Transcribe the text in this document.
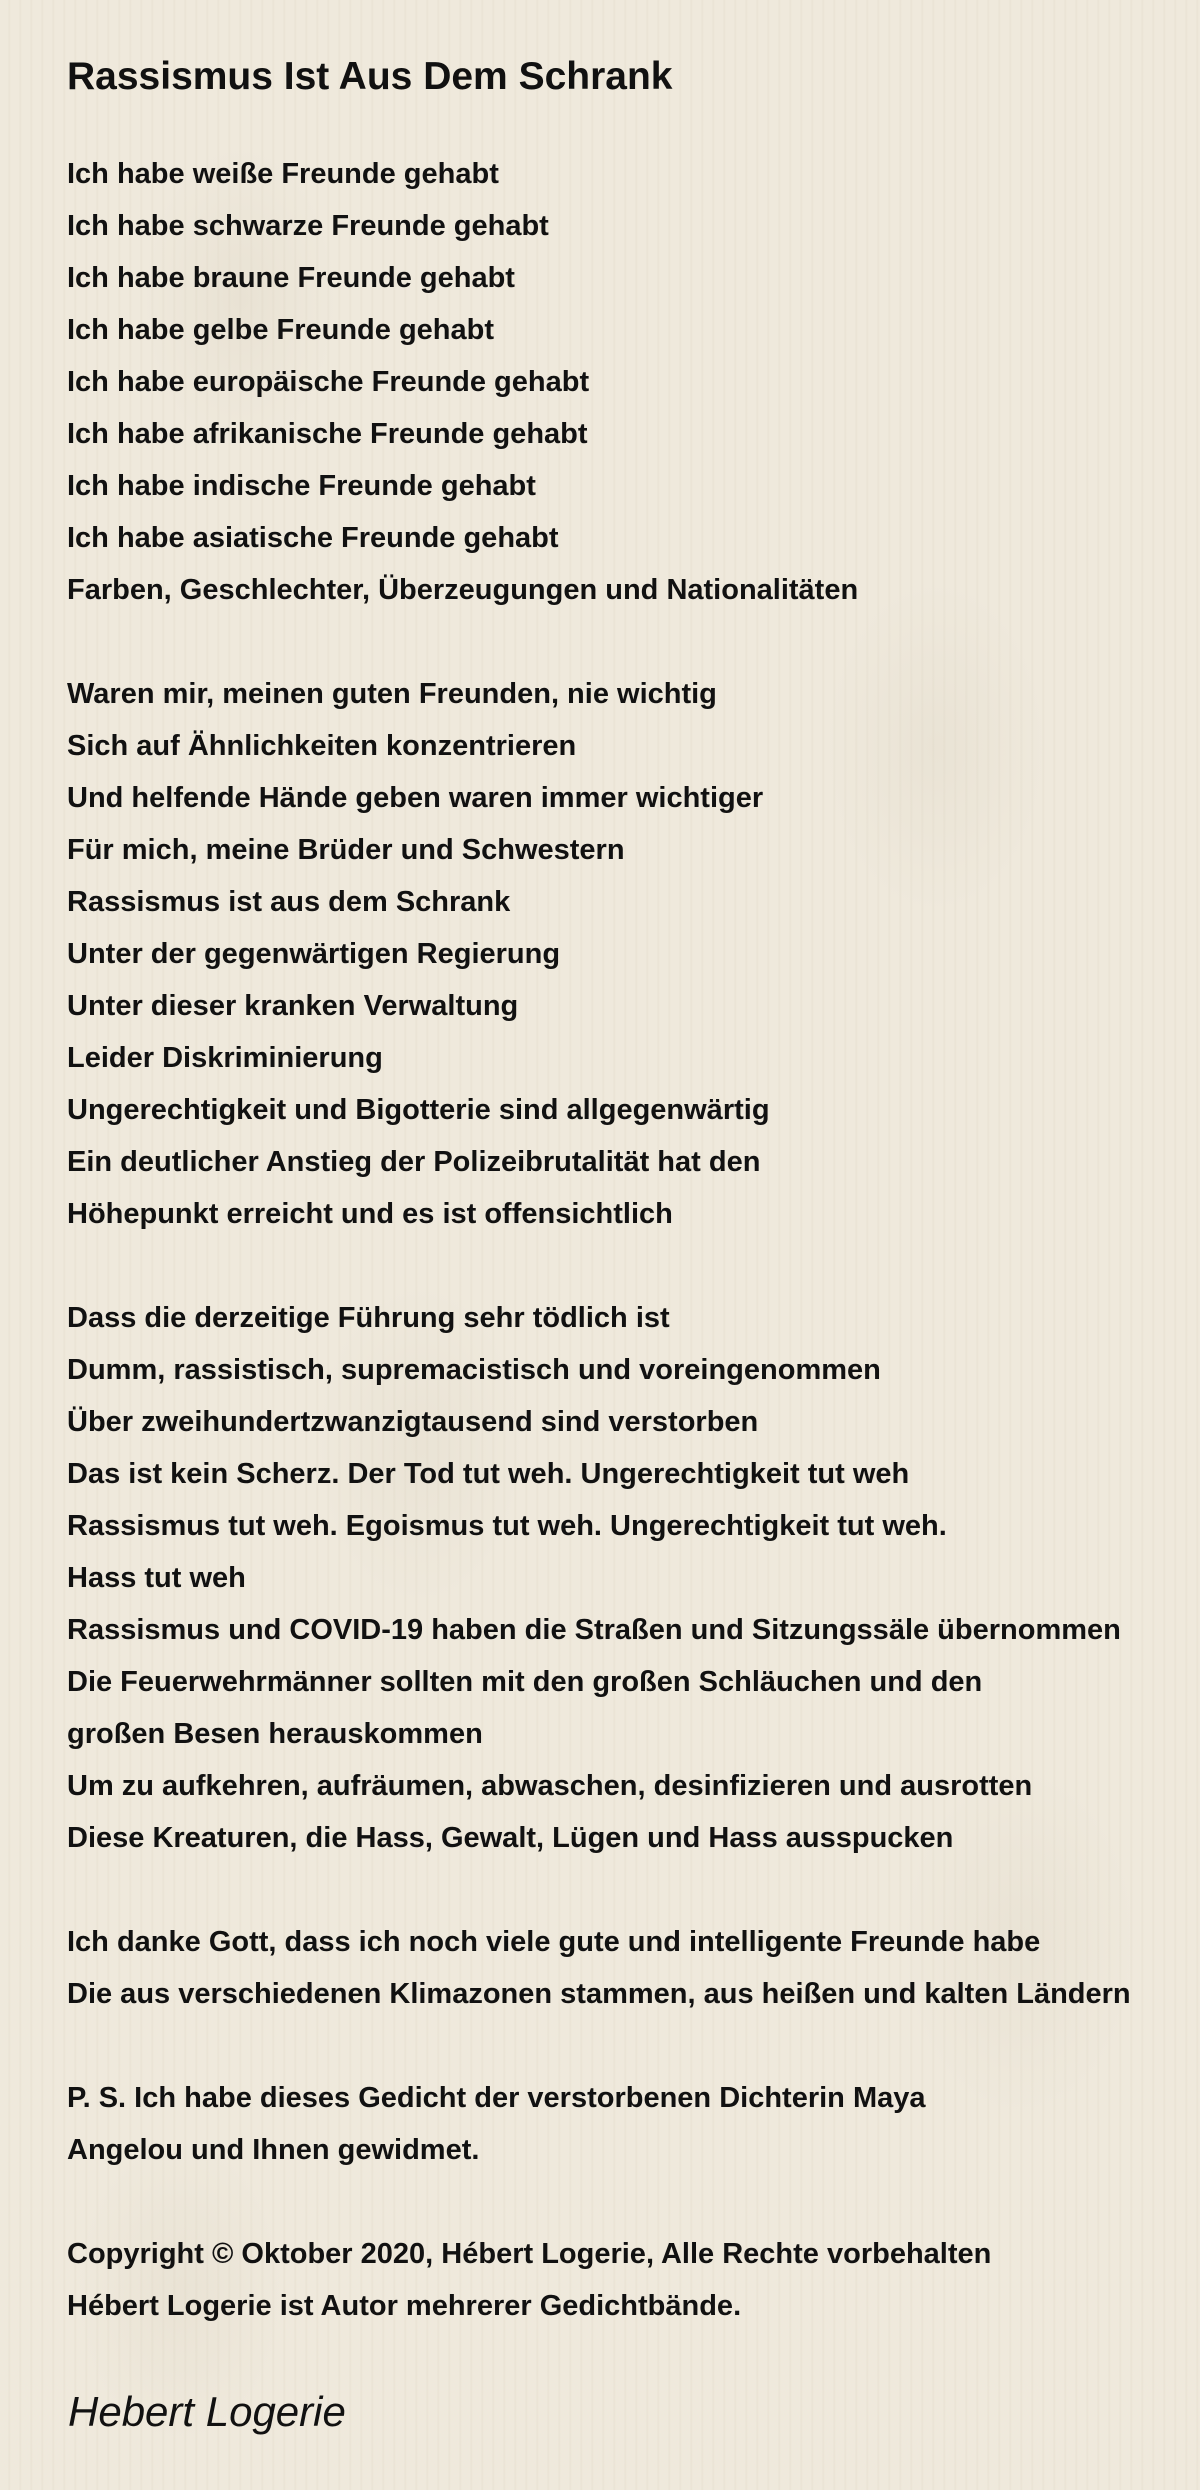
Rassismus Ist Aus Dem Schrank
Ich habe weiße Freunde gehabt
Ich habe schwarze Freunde gehabt
Ich habe braune Freunde gehabt
Ich habe gelbe Freunde gehabt
Ich habe europäische Freunde gehabt
Ich habe afrikanische Freunde gehabt
Ich habe indische Freunde gehabt
Ich habe asiatische Freunde gehabt
Farben, Geschlechter, Überzeugungen und Nationalitäten
Waren mir, meinen guten Freunden, nie wichtig
Sich auf Ähnlichkeiten konzentrieren
Und helfende Hände geben waren immer wichtiger
Für mich, meine Brüder und Schwestern
Rassismus ist aus dem Schrank
Unter der gegenwärtigen Regierung
Unter dieser kranken Verwaltung
Leider Diskriminierung
Ungerechtigkeit und Bigotterie sind allgegenwärtig
Ein deutlicher Anstieg der Polizeibrutalität hat den
Höhepunkt erreicht und es ist offensichtlich
Dass die derzeitige Führung sehr tödlich ist
Dumm, rassistisch, supremacistisch und voreingenommen
Über zweihundertzwanzigtausend sind verstorben
Das ist kein Scherz. Der Tod tut weh. Ungerechtigkeit tut weh
Rassismus tut weh. Egoismus tut weh. Ungerechtigkeit tut weh.
Hass tut weh
Rassismus und COVID-19 haben die Straßen und Sitzungssäle übernommen
Die Feuerwehrmänner sollten mit den großen Schläuchen und den
großen Besen herauskommen
Um zu aufkehren, aufräumen, abwaschen, desinfizieren und ausrotten
Diese Kreaturen, die Hass, Gewalt, Lügen und Hass ausspucken
Ich danke Gott, dass ich noch viele gute und intelligente Freunde habe
Die aus verschiedenen Klimazonen stammen, aus heißen und kalten Ländern
P. S. Ich habe dieses Gedicht der verstorbenen Dichterin Maya
Angelou und Ihnen gewidmet.
Copyright © Oktober 2020, Hébert Logerie, Alle Rechte vorbehalten
Hébert Logerie ist Autor mehrerer Gedichtbände.
Hebert Logerie
